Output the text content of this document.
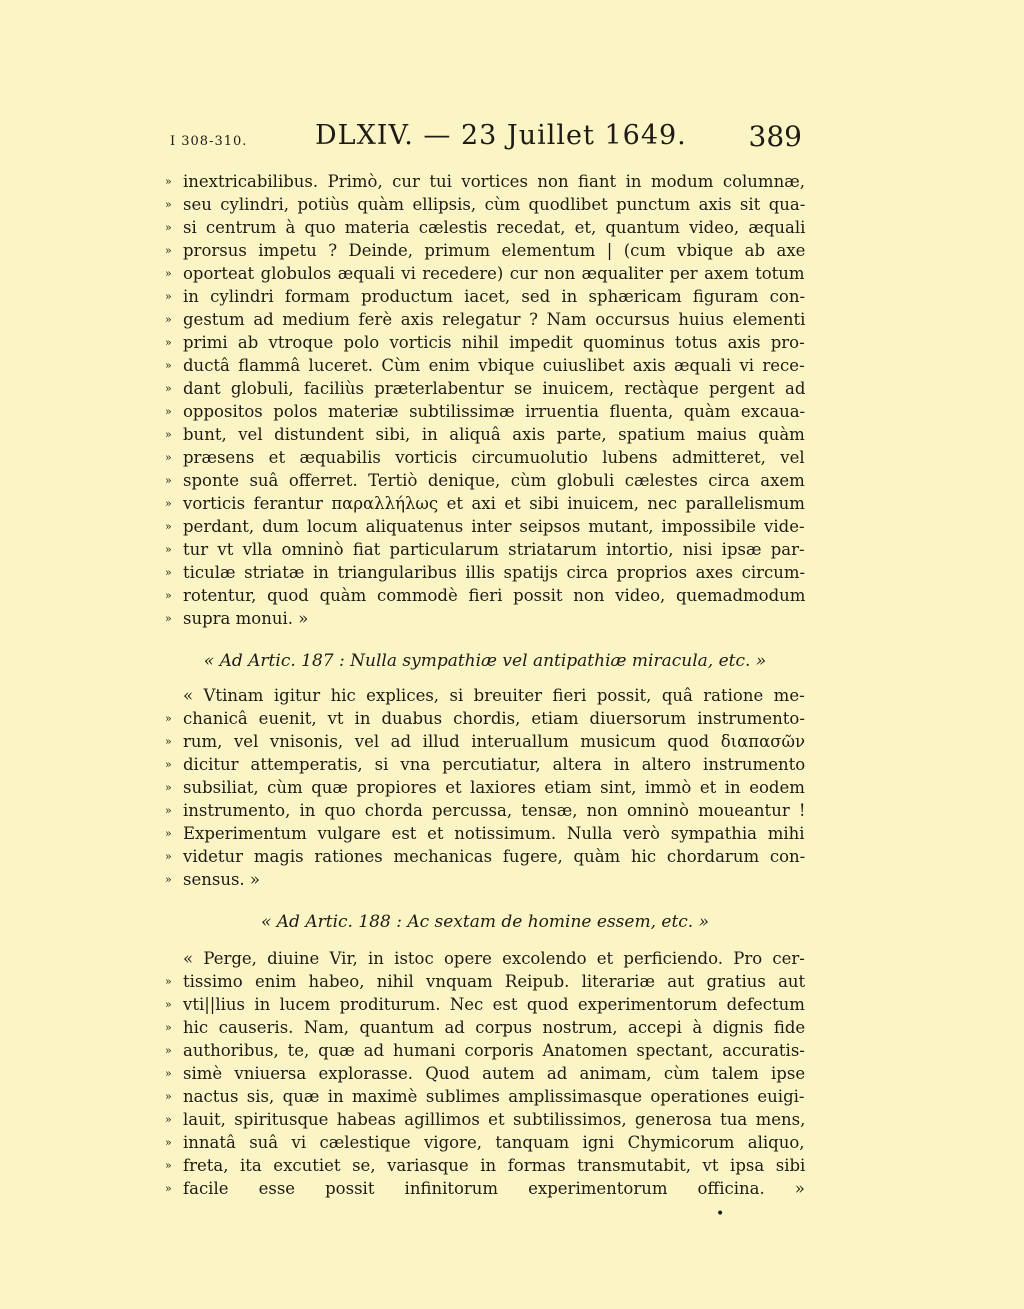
I 308-310.	DLXIV. — 23 Juillet 1649. 389
» inextricabilibus. Primò, cur tui vortices non fiant in modum columnæ,
» seu cylindri, potiùs quàm ellipsis, cùm quodlibet punctum axis sit qua-
» si centrum à quo materia cælestis recedat, et, quantum video, æquali
» prorsus impetu ? Deinde, primum elementum | (cum vbique ab axe
» oporteat globulos æquali vi recedere) cur non æqualiter per axem totum
» in cylindri formam productum iacet, sed in sphæricam figuram con-
» gestum ad medium ferè axis relegatur ? Nam occursus huius elementi
» primi ab vtroque polo vorticis nihil impedit quominus totus axis pro-
» ductâ flammâ luceret. Cùm enim vbique cuiuslibet axis æquali vi rece-
» dant globuli, faciliùs præterlabentur se inuicem, rectàque pergent ad
» oppositos polos materiæ subtilissimæ irruentia fluenta, quàm excaua-
» bunt, vel distundent sibi, in aliquâ axis parte, spatium maius quàm
» præsens et æquabilis vorticis circumuolutio lubens admitteret, vel
» sponte suâ offerret. Tertiò denique, cùm globuli cælestes circa axem
» vorticis ferantur παραλλήλως et axi et sibi inuicem, nec parallelismum
» perdant, dum locum aliquatenus inter seipsos mutant, impossibile vide-
» tur vt vlla omninò fiat particularum striatarum intortio, nisi ipsæ par-
» ticulæ striatæ in triangularibus illis spatijs circa proprios axes circum-
» rotentur, quod quàm commodè fieri possit non video, quemadmodum
» supra monui. »
« Ad Artic. 187 : Nulla sympathiæ vel antipathiæ miracula, etc. »
« Vtinam igitur hic explices, si breuiter fieri possit, quâ ratione me-
» chanicâ euenit, vt in duabus chordis, etiam diuersorum instrumento-
» rum, vel vnisonis, vel ad illud interuallum musicum quod διαπασῶν
» dicitur attemperatis, si vna percutiatur, altera in altero instrumento
» subsiliat, cùm quæ propiores et laxiores etiam sint, immò et in eodem
» instrumento, in quo chorda percussa, tensæ, non omninò moueantur !
» Experimentum vulgare est et notissimum. Nulla verò sympathia mihi
» videtur magis rationes mechanicas fugere, quàm hic chordarum con-
» sensus. »
« Ad Artic. 188 : Ac sextam de homine essem, etc. »
« Perge, diuine Vir, in istoc opere excolendo et perficiendo. Pro cer-
» tissimo enim habeo, nihil vnquam Reipub. literariæ aut gratius aut
» vti||lius in lucem proditurum. Nec est quod experimentorum defectum
» hic causeris. Nam, quantum ad corpus nostrum, accepi à dignis fide
» authoribus, te, quæ ad humani corporis Anatomen spectant, accuratis-
» simè vniuersa explorasse. Quod autem ad animam, cùm talem ipse
» nactus sis, quæ in maximè sublimes amplissimasque operationes euigi-
» lauit, spiritusque habeas agillimos et subtilissimos, generosa tua mens,
» innatâ suâ vi cælestique vigore, tanquam igni Chymicorum aliquo,
» freta, ita excutiet se, variasque in formas transmutabit, vt ipsa sibi
» facile esse possit infinitorum experimentorum officina. »
•
